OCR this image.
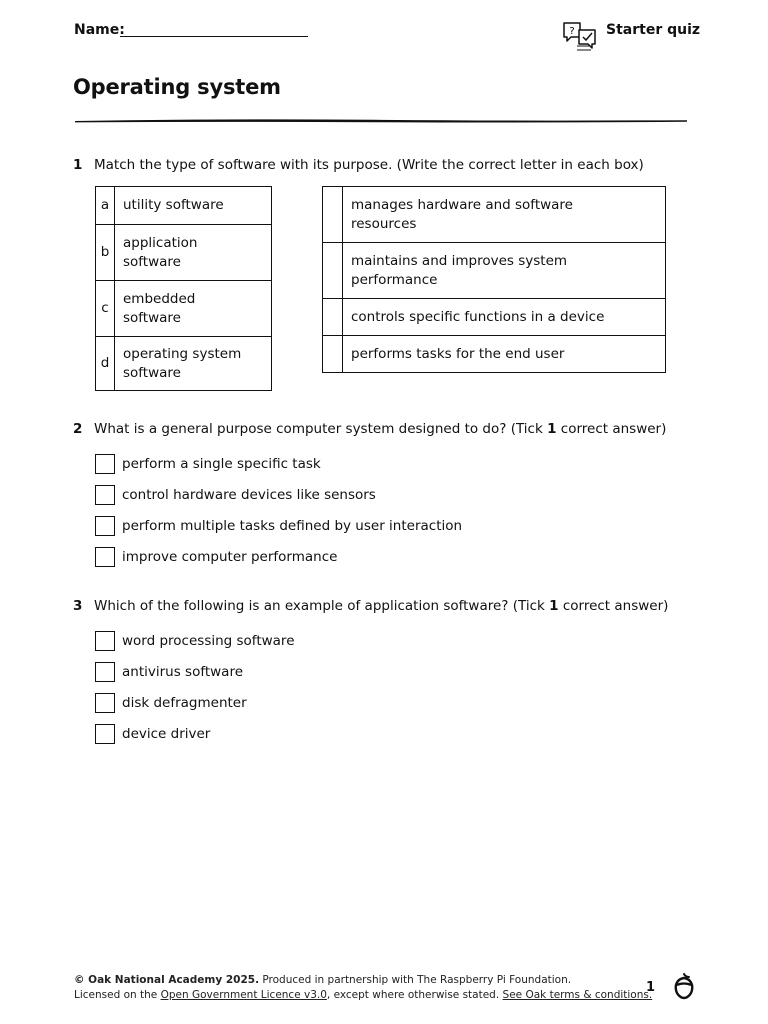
Name:	? Starter quiz
Operating system
1 Match the type of software with its purpose. (Write the correct letter in each box)
a	utility software
b	application
software
c	embedded
software
d	operating system
software
	manages hardware and software
resources
	maintains and improves system
performance
	controls specific functions in a device
	performs tasks for the end user
2 What is a general purpose computer system designed to do? (Tick 1 correct answer)
perform a single specific task
control hardware devices like sensors
perform multiple tasks defined by user interaction
improve computer performance
3 Which of the following is an example of application software? (Tick 1 correct answer)
word processing software
antivirus software
disk defragmenter
device driver
© Oak National Academy 2025. Produced in partnership with The Raspberry Pi Foundation.
Licensed on the Open Government Licence v3.0, except where otherwise stated. See Oak terms & conditions.
1
